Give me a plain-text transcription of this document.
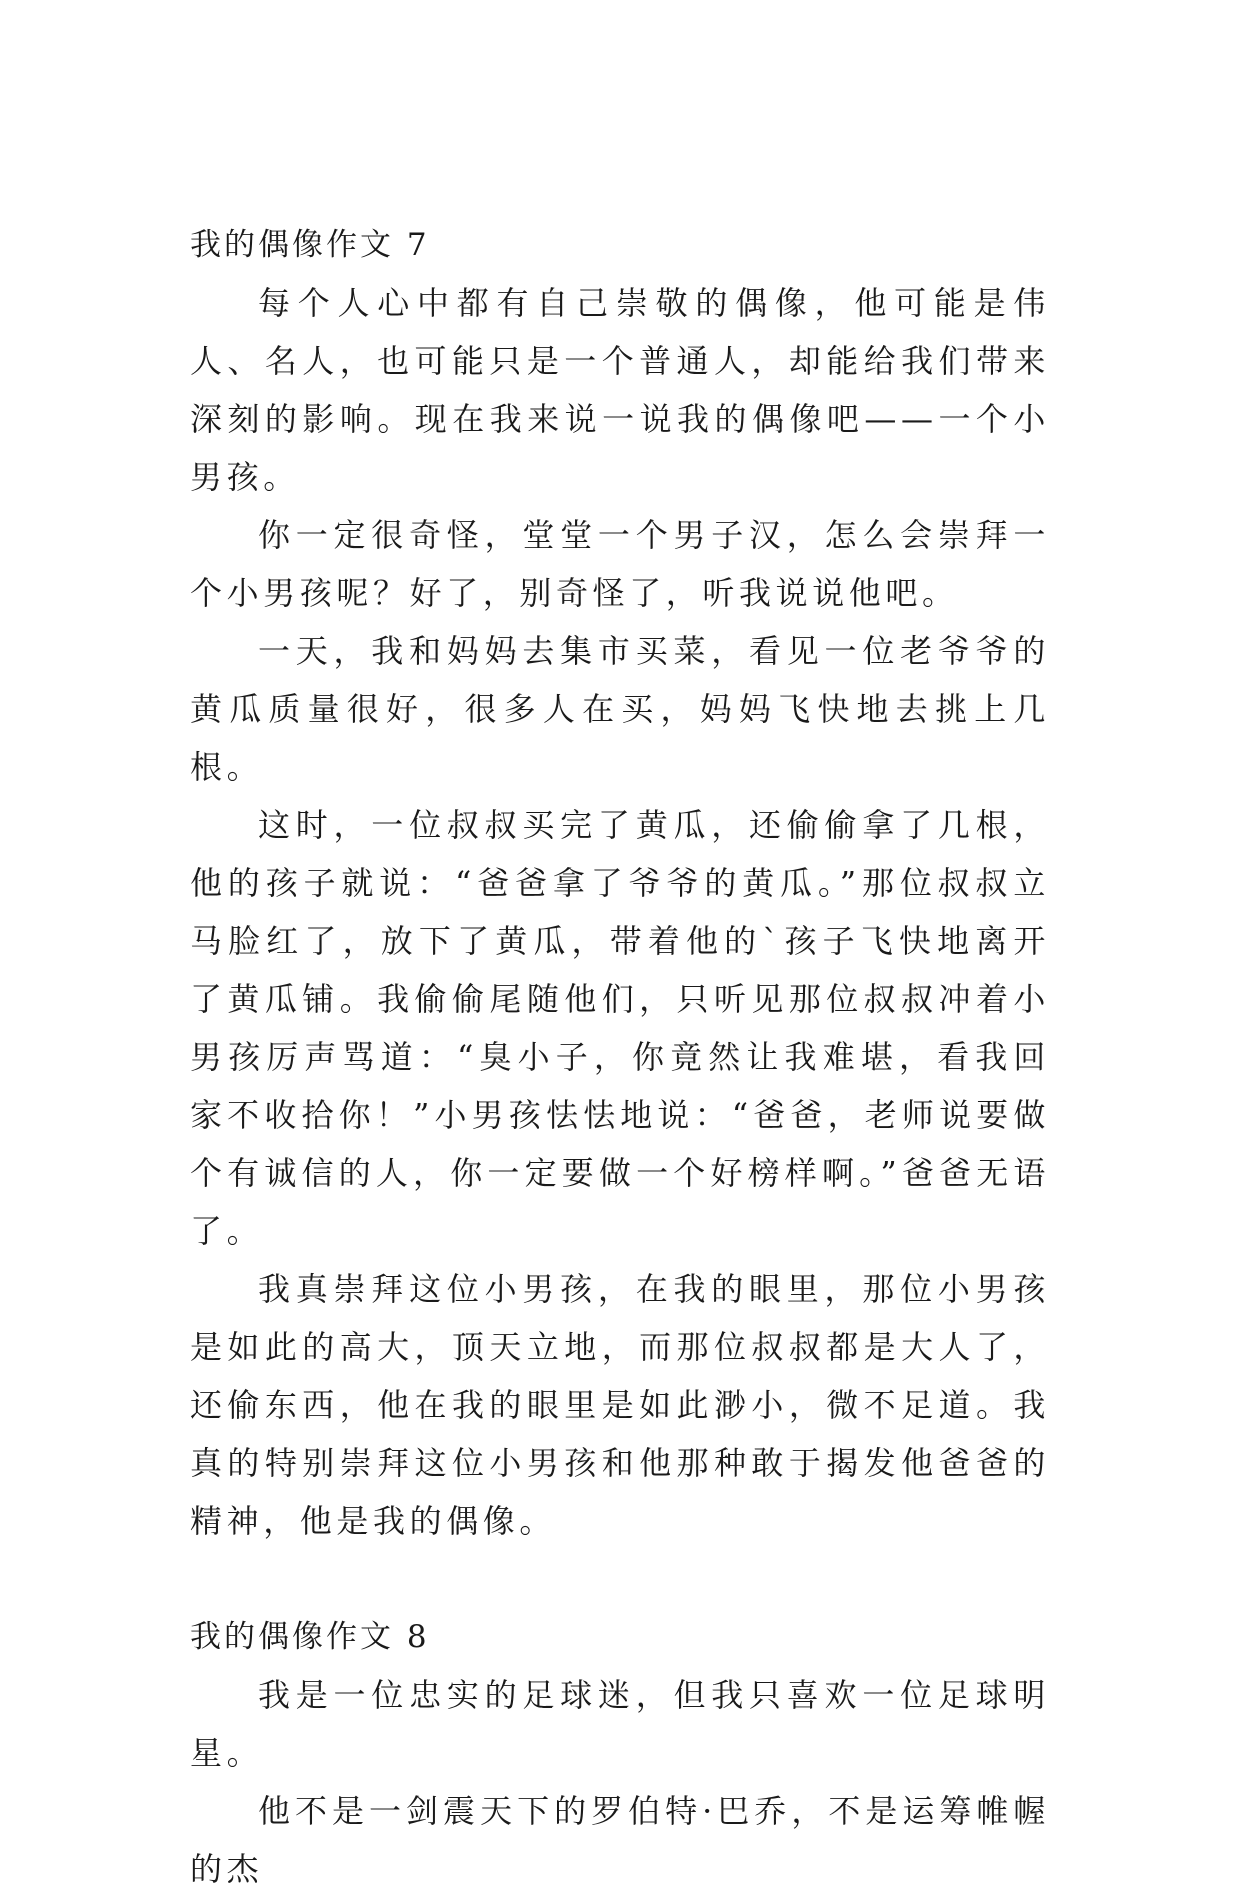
我的偶像作文 7

每个人心中都有自己崇敬的偶像，他可能是伟人、名人，也可能只是一个普通人，却能给我们带来深刻的影响。现在我来说一说我的偶像吧——一个小男孩。

你一定很奇怪，堂堂一个男子汉，怎么会崇拜一个小男孩呢？好了，别奇怪了，听我说说他吧。

一天，我和妈妈去集市买菜，看见一位老爷爷的黄瓜质量很好，很多人在买，妈妈飞快地去挑上几根。

这时，一位叔叔买完了黄瓜，还偷偷拿了几根，他的孩子就说：“爸爸拿了爷爷的黄瓜。”那位叔叔立马脸红了，放下了黄瓜，带着他的`孩子飞快地离开了黄瓜铺。我偷偷尾随他们，只听见那位叔叔冲着小男孩厉声骂道：“臭小子，你竟然让我难堪，看我回家不收拾你！”小男孩怯怯地说：“爸爸，老师说要做个有诚信的人，你一定要做一个好榜样啊。”爸爸无语了。

我真崇拜这位小男孩，在我的眼里，那位小男孩是如此的高大，顶天立地，而那位叔叔都是大人了，还偷东西，他在我的眼里是如此渺小，微不足道。我真的特别崇拜这位小男孩和他那种敢于揭发他爸爸的精神，他是我的偶像。

我的偶像作文 8

我是一位忠实的足球迷，但我只喜欢一位足球明星。

他不是一剑震天下的罗伯特·巴乔，不是运筹帷幄的杰
